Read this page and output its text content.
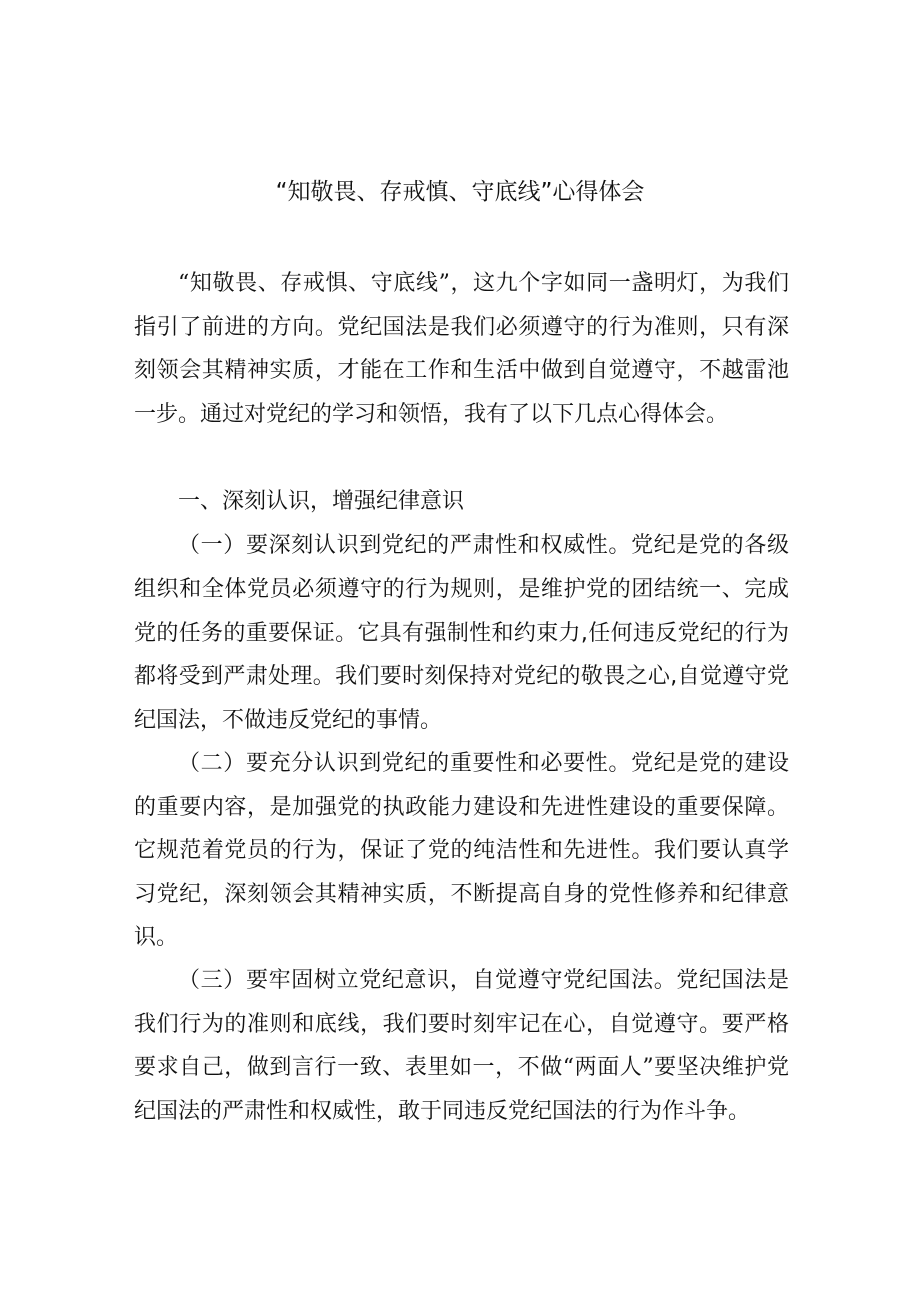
“知敬畏、存戒慎、守底线”心得体会

“知敬畏、存戒惧、守底线”，这九个字如同一盏明灯，为我们指引了前进的方向。党纪国法是我们必须遵守的行为准则，只有深刻领会其精神实质，才能在工作和生活中做到自觉遵守，不越雷池一步。通过对党纪的学习和领悟，我有了以下几点心得体会。

一、深刻认识，增强纪律意识

（一）要深刻认识到党纪的严肃性和权威性。党纪是党的各级组织和全体党员必须遵守的行为规则，是维护党的团结统一、完成党的任务的重要保证。它具有强制性和约束力,任何违反党纪的行为都将受到严肃处理。我们要时刻保持对党纪的敬畏之心,自觉遵守党纪国法，不做违反党纪的事情。

（二）要充分认识到党纪的重要性和必要性。党纪是党的建设的重要内容，是加强党的执政能力建设和先进性建设的重要保障。它规范着党员的行为，保证了党的纯洁性和先进性。我们要认真学习党纪，深刻领会其精神实质，不断提高自身的党性修养和纪律意识。

（三）要牢固树立党纪意识，自觉遵守党纪国法。党纪国法是我们行为的准则和底线，我们要时刻牢记在心，自觉遵守。要严格要求自己，做到言行一致、表里如一，不做“两面人”要坚决维护党纪国法的严肃性和权威性，敢于同违反党纪国法的行为作斗争。
